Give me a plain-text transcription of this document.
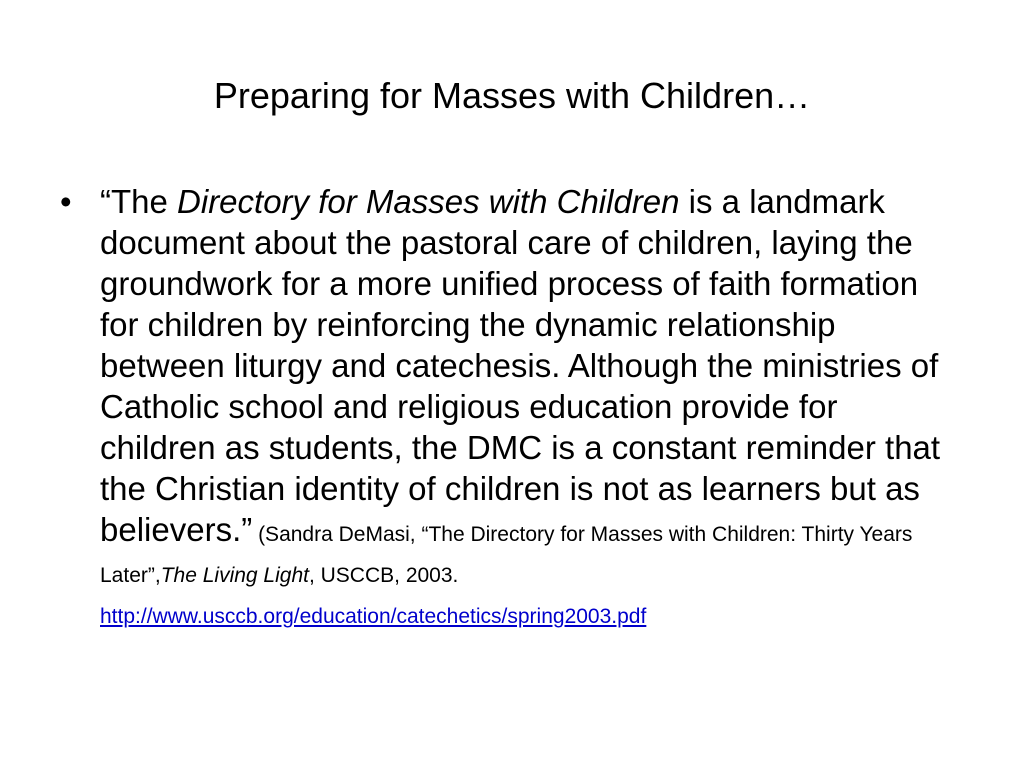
Preparing for Masses with Children…
• “The Directory for Masses with Children is a landmark document about the pastoral care of children, laying the groundwork for a more unified process of faith formation for children by reinforcing the dynamic relationship between liturgy and catechesis. Although the ministries of Catholic school and religious education provide for children as students, the DMC is a constant reminder that the Christian identity of children is not as learners but as believers.” (Sandra DeMasi, “The Directory for Masses with Children: Thirty Years Later”,The Living Light, USCCB, 2003. http://www.usccb.org/education/catechetics/spring2003.pdf
